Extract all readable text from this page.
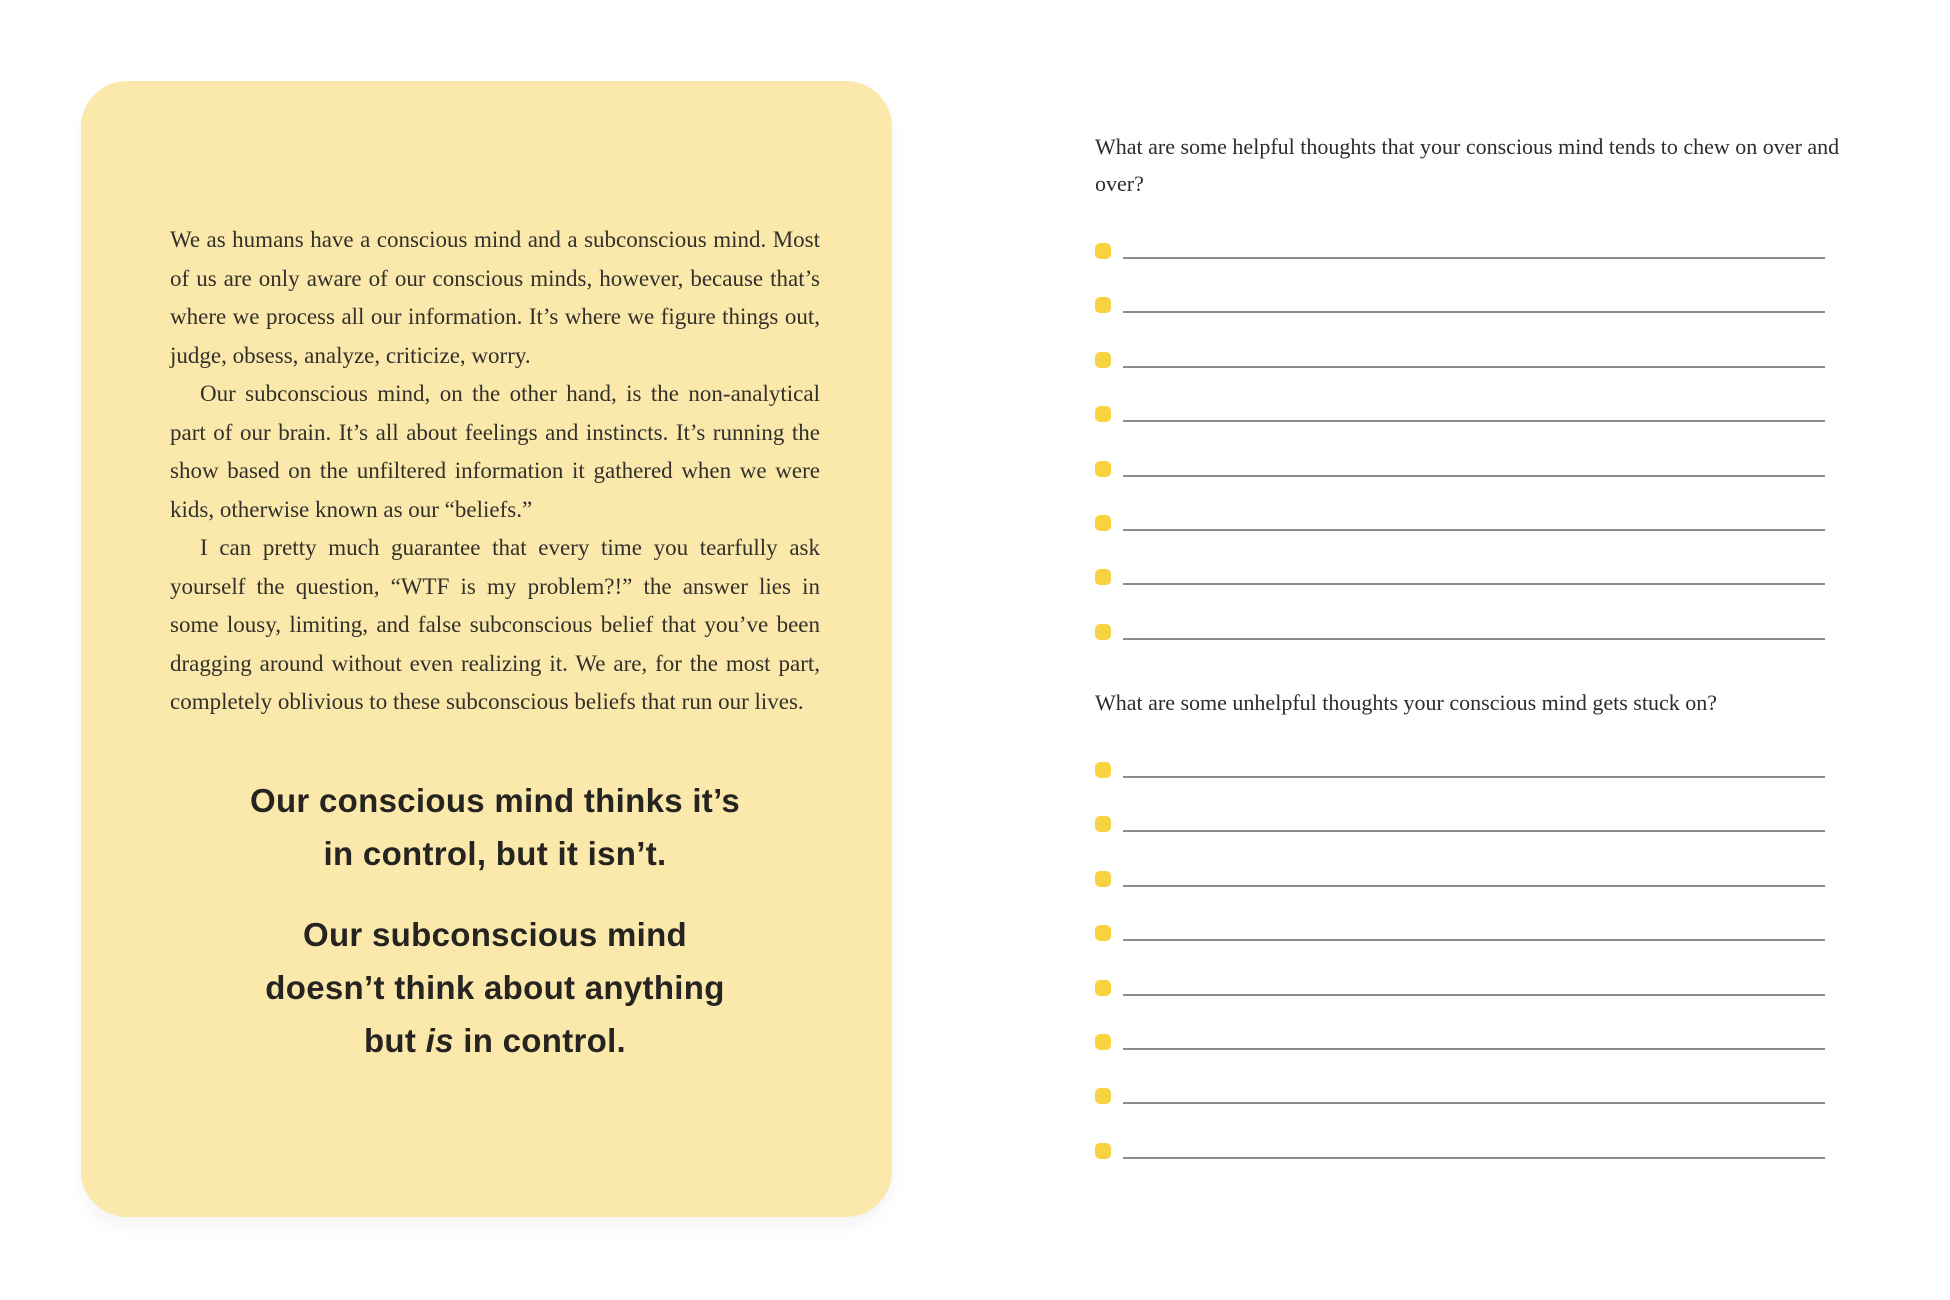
We as humans have a conscious mind and a subconscious mind. Most of us are only aware of our conscious minds, however, because that’s where we process all our information. It’s where we figure things out, judge, obsess, analyze, criticize, worry.

Our subconscious mind, on the other hand, is the non-analytical part of our brain. It’s all about feelings and instincts. It’s running the show based on the unfiltered information it gathered when we were kids, otherwise known as our “beliefs.”

I can pretty much guarantee that every time you tearfully ask yourself the question, “WTF is my problem?!” the answer lies in some lousy, limiting, and false subconscious belief that you’ve been dragging around without even realizing it. We are, for the most part, completely oblivious to these subconscious beliefs that run our lives.

Our conscious mind thinks it’s
in control, but it isn’t.
Our subconscious mind
doesn’t think about anything
but is in control.
What are some helpful thoughts that your conscious mind tends to chew on over and over?
What are some unhelpful thoughts your conscious mind gets stuck on?
